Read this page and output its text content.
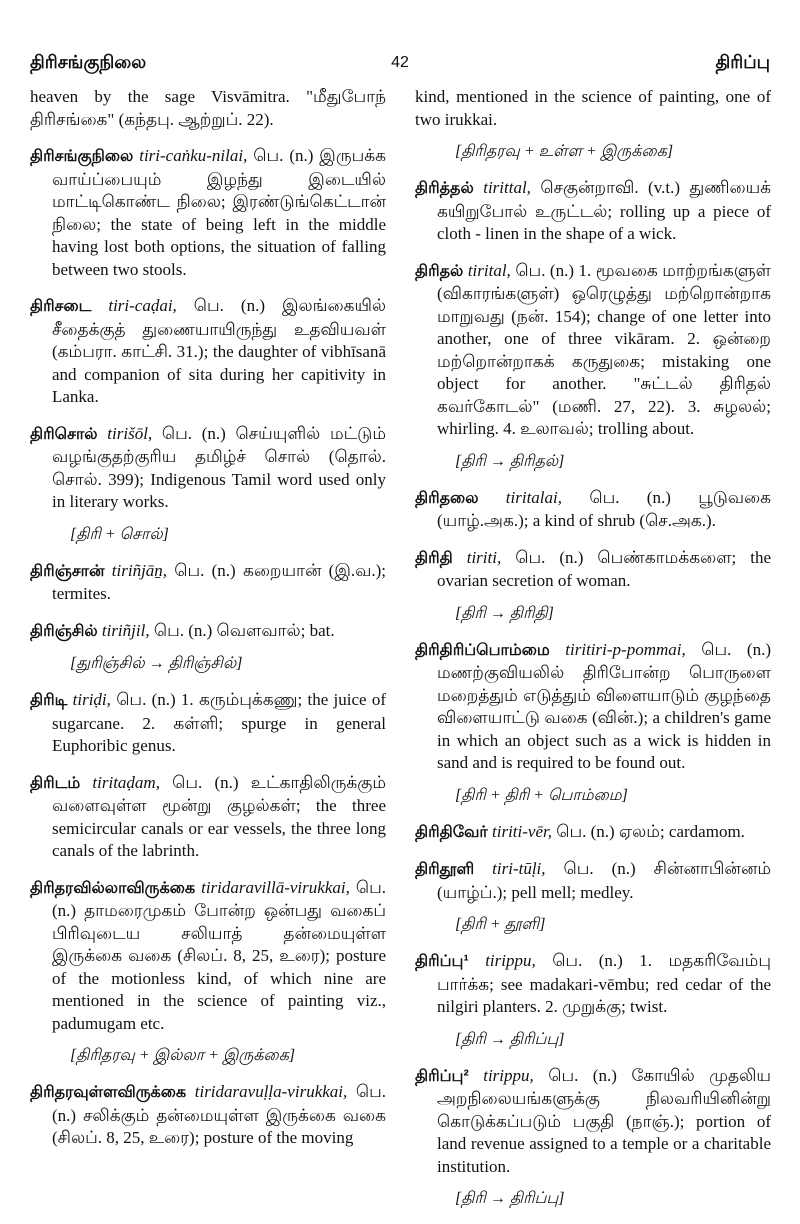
திரிசங்குநிலை	42	திரிப்பு

heaven by the sage Visvāmitra. "மீதுபோந் திரிசங்கை" (கந்தபு. ஆற்றுப். 22).

திரிசங்குநிலை tiri-caṅku-nilai, பெ. (n.) இருபக்க வாய்ப்பையும் இழந்து இடையில் மாட்டிகொண்ட நிலை; இரண்டுங்கெட்டான் நிலை; the state of being left in the middle having lost both options, the situation of falling between two stools.

திரிசடை tiri-caḍai, பெ. (n.) இலங்கையில் சீதைக்குத் துணையாயிருந்து உதவியவள் (கம்பரா. காட்சி. 31.); the daughter of vibhīsanā and companion of sita during her capitivity in Lanka.

திரிசொல் tirišōl, பெ. (n.) செய்யுளில் மட்டும் வழங்குதற்குரிய தமிழ்ச் சொல் (தொல். சொல். 399); Indigenous Tamil word used only in literary works.

[திரி + சொல்]

திரிஞ்சான் tiriñjāṉ, பெ. (n.) கறையான் (இ.வ.); termites.

திரிஞ்சில் tiriñjil, பெ. (n.) வௌவால்; bat.

[துரிஞ்சில் → திரிஞ்சில்]

திரிடி tiriḍi, பெ. (n.) 1. கரும்புக்கணு; the juice of sugarcane. 2. கள்ளி; spurge in general Euphoribic genus.

திரிடம் tiritaḍam, பெ. (n.) உட்காதிலிருக்கும் வளைவுள்ள மூன்று குழல்கள்; the three semicircular canals or ear vessels, the three long canals of the labrinth.

திரிதரவில்லாவிருக்கை tiridaravillā-virukkai, பெ. (n.) தாமரைமுகம் போன்ற ஒன்பது வகைப் பிரிவுடைய சலியாத் தன்மையுள்ள இருக்கை வகை (சிலப். 8, 25, உரை); posture of the motionless kind, of which nine are mentioned in the science of painting viz., padumugam etc.

[திரிதரவு + இல்லா + இருக்கை]

திரிதரவுள்ளவிருக்கை tiridaravuḷḷa-virukkai, பெ. (n.) சலிக்கும் தன்மையுள்ள இருக்கை வகை (சிலப். 8, 25, உரை); posture of the moving

kind, mentioned in the science of painting, one of two irukkai.

[திரிதரவு + உள்ள + இருக்கை]

திரித்தல் tirittal, செகுன்றாவி. (v.t.) துணியைக் கயிறுபோல் உருட்டல்; rolling up a piece of cloth - linen in the shape of a wick.

திரிதல் tirital, பெ. (n.) 1. மூவகை மாற்றங்களுள் (விகாரங்களுள்) ஒரெழுத்து மற்றொன்றாக மாறுவது (நன். 154); change of one letter into another, one of three vikāram. 2. ஒன்றை மற்றொன்றாகக் கருதுகை; mistaking one object for another. "சுட்டல் திரிதல் கவர்கோடல்" (மணி. 27, 22). 3. சுழலல்; whirling. 4. உலாவல்; trolling about.

[திரி → திரிதல்]

திரிதலை tiritalai, பெ. (n.) பூடுவகை (யாழ்.அக.); a kind of shrub (செ.அக.).

திரிதி tiriti, பெ. (n.) பெண்காமக்களை; the ovarian secretion of woman.

[திரி → திரிதி]

திரிதிரிப்பொம்மை tiritiri-p-pommai, பெ. (n.) மணற்குவியலில் திரிபோன்ற பொருளை மறைத்தும் எடுத்தும் விளையாடும் குழந்தை விளையாட்டு வகை (வின்.); a children's game in which an object such as a wick is hidden in sand and is required to be found out.

[திரி + திரி + பொம்மை]

திரிதிவேர் tiriti-vēr, பெ. (n.) ஏலம்; cardamom.

திரிதூளி tiri-tūḷi, பெ. (n.) சின்னாபின்னம் (யாழ்ப்.); pell mell; medley.

[திரி + தூளி]

திரிப்பு¹ tirippu, பெ. (n.) 1. மதகரிவேம்பு பார்க்க; see madakari-vēmbu; red cedar of the nilgiri planters. 2. முறுக்கு; twist.

[திரி → திரிப்பு]

திரிப்பு² tirippu, பெ. (n.) கோயில் முதலிய அறநிலையங்களுக்கு நிலவரியினின்று கொடுக்கப்படும் பகுதி (நாஞ்.); portion of land revenue assigned to a temple or a charitable institution.

[திரி → திரிப்பு]
